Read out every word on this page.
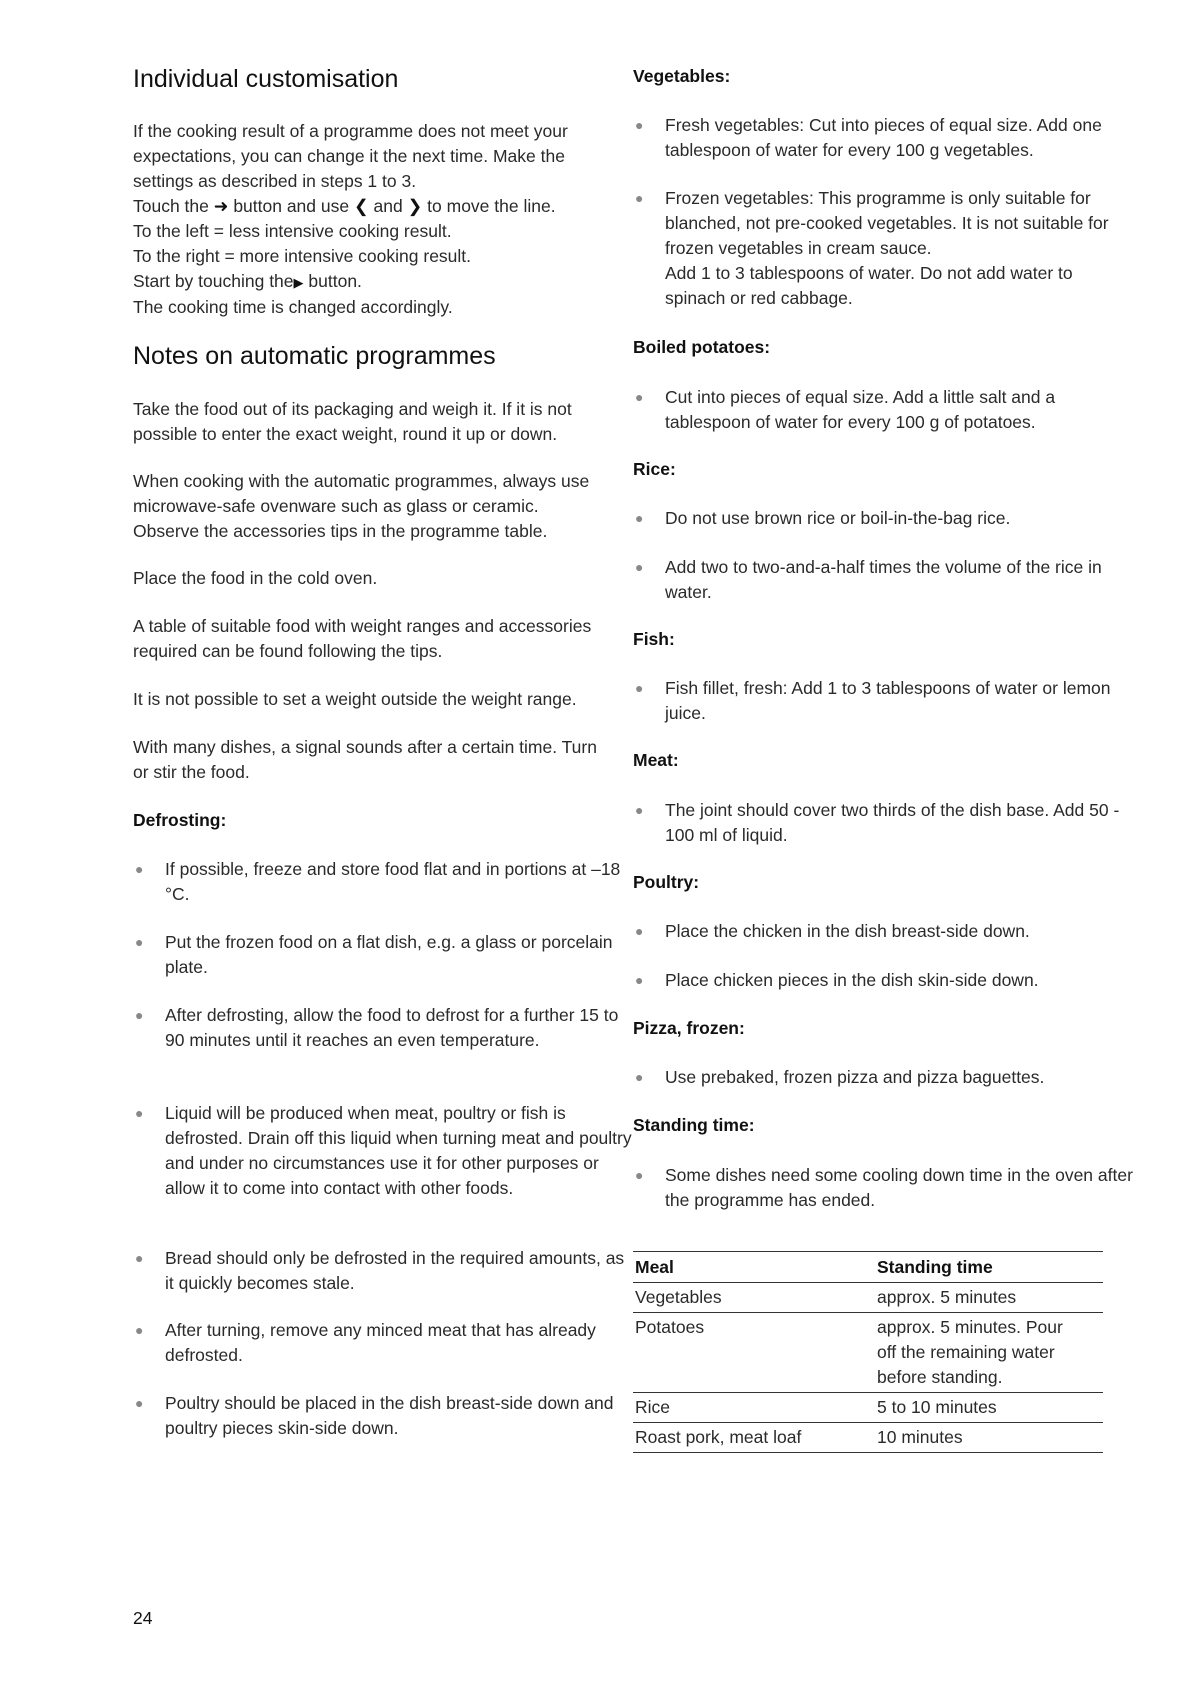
Individual customisation

If the cooking result of a programme does not meet your

expectations, you can change it the next time. Make the

settings as described in steps 1 to 3.

Touch the ➜ button and use ❮ and ❯ to move the line.

To the left = less intensive cooking result.

To the right = more intensive cooking result.

Start by touching the▶ button.

The cooking time is changed accordingly.

Notes on automatic programmes

Take the food out of its packaging and weigh it. If it is not possible to enter the exact weight, round it up or down.

When cooking with the automatic programmes, always use microwave-safe ovenware such as glass or ceramic. Observe the accessories tips in the programme table.

Place the food in the cold oven.

A table of suitable food with weight ranges and accessories required can be found following the tips.

It is not possible to set a weight outside the weight range.

With many dishes, a signal sounds after a certain time. Turn or stir the food.

Defrosting:

● If possible, freeze and store food flat and in portions at –18 °C.
● Put the frozen food on a flat dish, e.g. a glass or porcelain plate.
● After defrosting, allow the food to defrost for a further 15 to 90 minutes until it reaches an even temperature.
● Liquid will be produced when meat, poultry or fish is defrosted. Drain off this liquid when turning meat and poultry and under no circumstances use it for other purposes or allow it to come into contact with other foods.
● Bread should only be defrosted in the required amounts, as it quickly becomes stale.
● After turning, remove any minced meat that has already defrosted.
● Poultry should be placed in the dish breast-side down and poultry pieces skin-side down.

Vegetables:

● Fresh vegetables: Cut into pieces of equal size. Add one tablespoon of water for every 100 g vegetables.
● Frozen vegetables: This programme is only suitable for blanched, not pre-cooked vegetables. It is not suitable for frozen vegetables in cream sauce.
Add 1 to 3 tablespoons of water. Do not add water to spinach or red cabbage.

Boiled potatoes:

● Cut into pieces of equal size. Add a little salt and a tablespoon of water for every 100 g of potatoes.

Rice:

● Do not use brown rice or boil-in-the-bag rice.
● Add two to two-and-a-half times the volume of the rice in water.

Fish:

● Fish fillet, fresh: Add 1 to 3 tablespoons of water or lemon juice.

Meat:

● The joint should cover two thirds of the dish base. Add 50 - 100 ml of liquid.

Poultry:

● Place the chicken in the dish breast-side down.
● Place chicken pieces in the dish skin-side down.

Pizza, frozen:

● Use prebaked, frozen pizza and pizza baguettes.

Standing time:

● Some dishes need some cooling down time in the oven after the programme has ended.
Meal	Standing time
Vegetables	approx. 5 minutes
Potatoes	approx. 5 minutes. Pour off the remaining water before standing.
Rice	5 to 10 minutes
Roast pork, meat loaf	10 minutes
24
